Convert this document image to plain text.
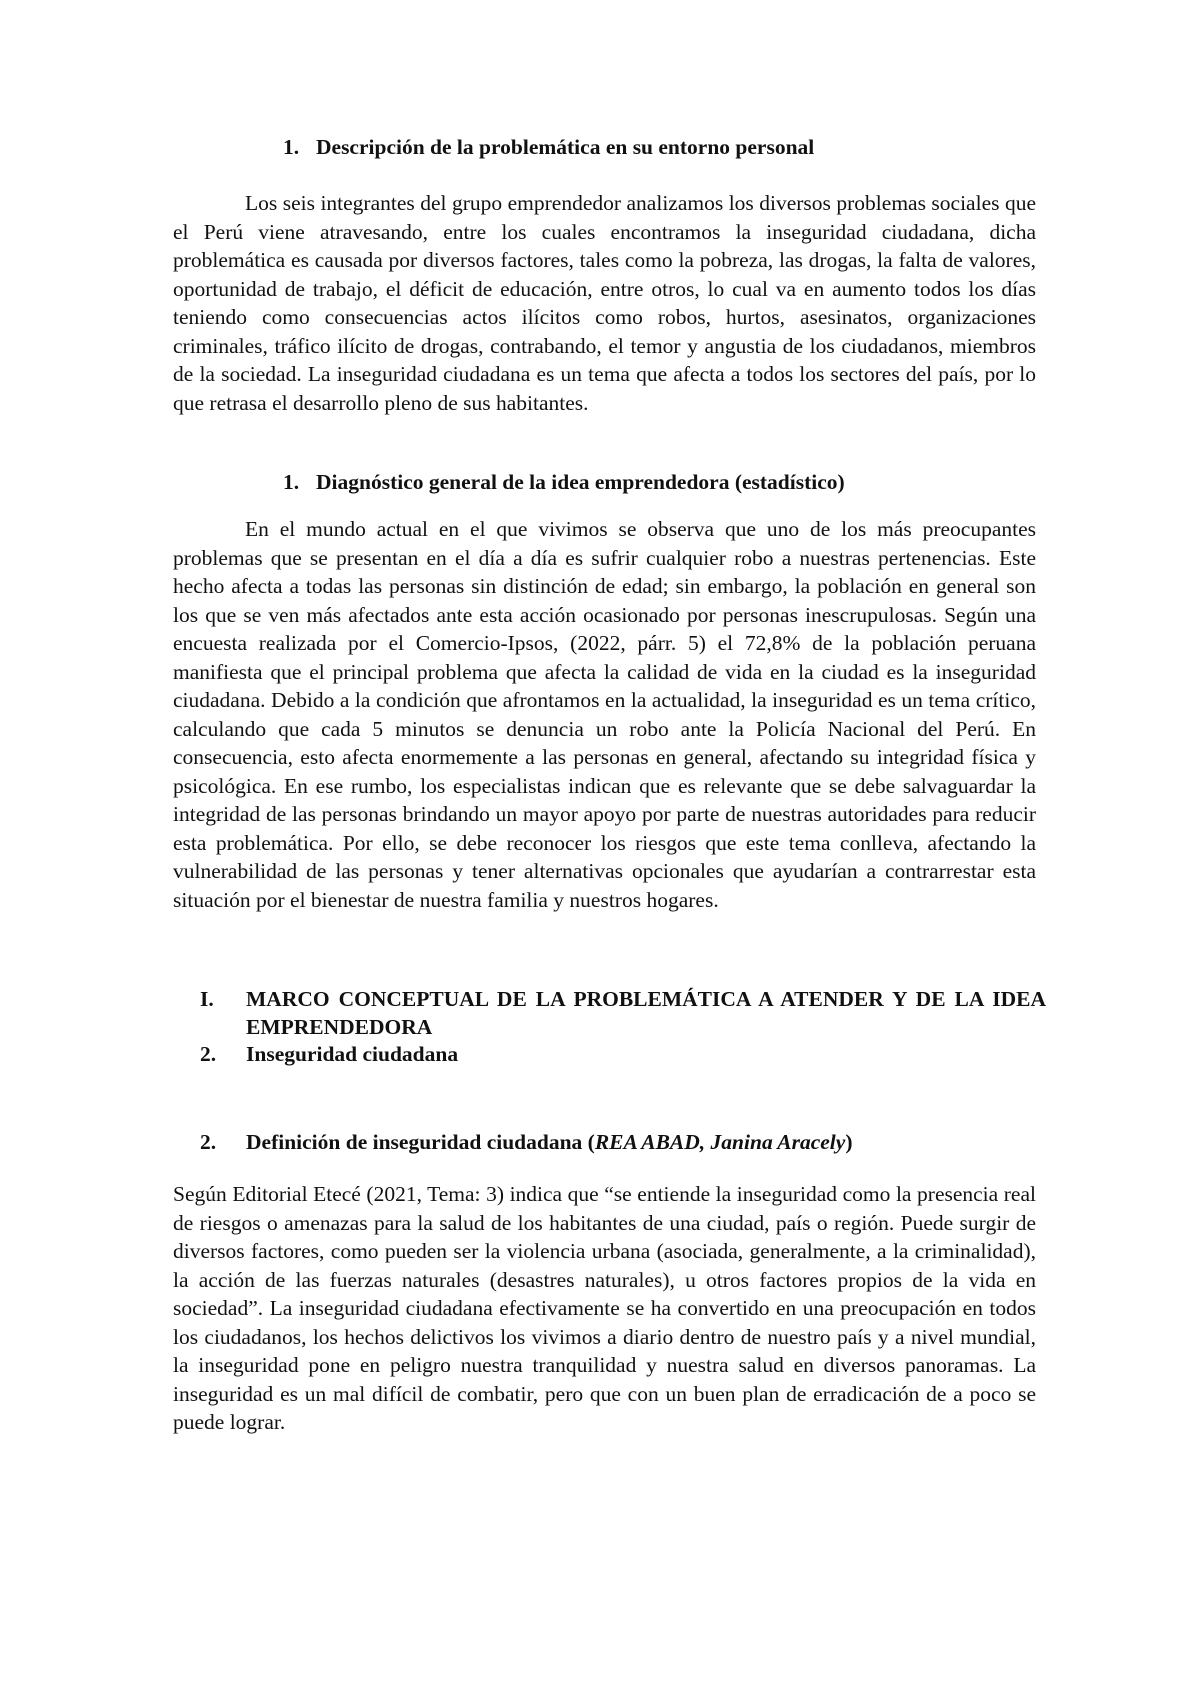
1. Descripción de la problemática en su entorno personal

Los seis integrantes del grupo emprendedor analizamos los diversos problemas sociales que el Perú viene atravesando, entre los cuales encontramos la inseguridad ciudadana, dicha problemática es causada por diversos factores, tales como la pobreza, las drogas, la falta de valores, oportunidad de trabajo, el déficit de educación, entre otros, lo cual va en aumento todos los días teniendo como consecuencias actos ilícitos como robos, hurtos, asesinatos, organizaciones criminales, tráfico ilícito de drogas, contrabando, el temor y angustia de los ciudadanos, miembros de la sociedad. La inseguridad ciudadana es un tema que afecta a todos los sectores del país, por lo que retrasa el desarrollo pleno de sus habitantes.

1. Diagnóstico general de la idea emprendedora (estadístico)

En el mundo actual en el que vivimos se observa que uno de los más preocupantes problemas que se presentan en el día a día es sufrir cualquier robo a nuestras pertenencias. Este hecho afecta a todas las personas sin distinción de edad; sin embargo, la población en general son los que se ven más afectados ante esta acción ocasionado por personas inescrupulosas. Según una encuesta realizada por el Comercio-Ipsos, (2022, párr. 5) el 72,8% de la población peruana manifiesta que el principal problema que afecta la calidad de vida en la ciudad es la inseguridad ciudadana. Debido a la condición que afrontamos en la actualidad, la inseguridad es un tema crítico, calculando que cada 5 minutos se denuncia un robo ante la Policía Nacional del Perú. En consecuencia, esto afecta enormemente a las personas en general, afectando su integridad física y psicológica. En ese rumbo, los especialistas indican que es relevante que se debe salvaguardar la integridad de las personas brindando un mayor apoyo por parte de nuestras autoridades para reducir esta problemática. Por ello, se debe reconocer los riesgos que este tema conlleva, afectando la vulnerabilidad de las personas y tener alternativas opcionales que ayudarían a contrarrestar esta situación por el bienestar de nuestra familia y nuestros hogares.

I. MARCO CONCEPTUAL DE LA PROBLEMÁTICA A ATENDER Y DE LA IDEA EMPRENDEDORA
2. Inseguridad ciudadana
2. Definición de inseguridad ciudadana (REA ABAD, Janina Aracely)

Según Editorial Etecé (2021, Tema: 3) indica que “se entiende la inseguridad como la presencia real de riesgos o amenazas para la salud de los habitantes de una ciudad, país o región. Puede surgir de diversos factores, como pueden ser la violencia urbana (asociada, generalmente, a la criminalidad), la acción de las fuerzas naturales (desastres naturales), u otros factores propios de la vida en sociedad”. La inseguridad ciudadana efectivamente se ha convertido en una preocupación en todos los ciudadanos, los hechos delictivos los vivimos a diario dentro de nuestro país y a nivel mundial, la inseguridad pone en peligro nuestra tranquilidad y nuestra salud en diversos panoramas. La inseguridad es un mal difícil de combatir, pero que con un buen plan de erradicación de a poco se puede lograr.
